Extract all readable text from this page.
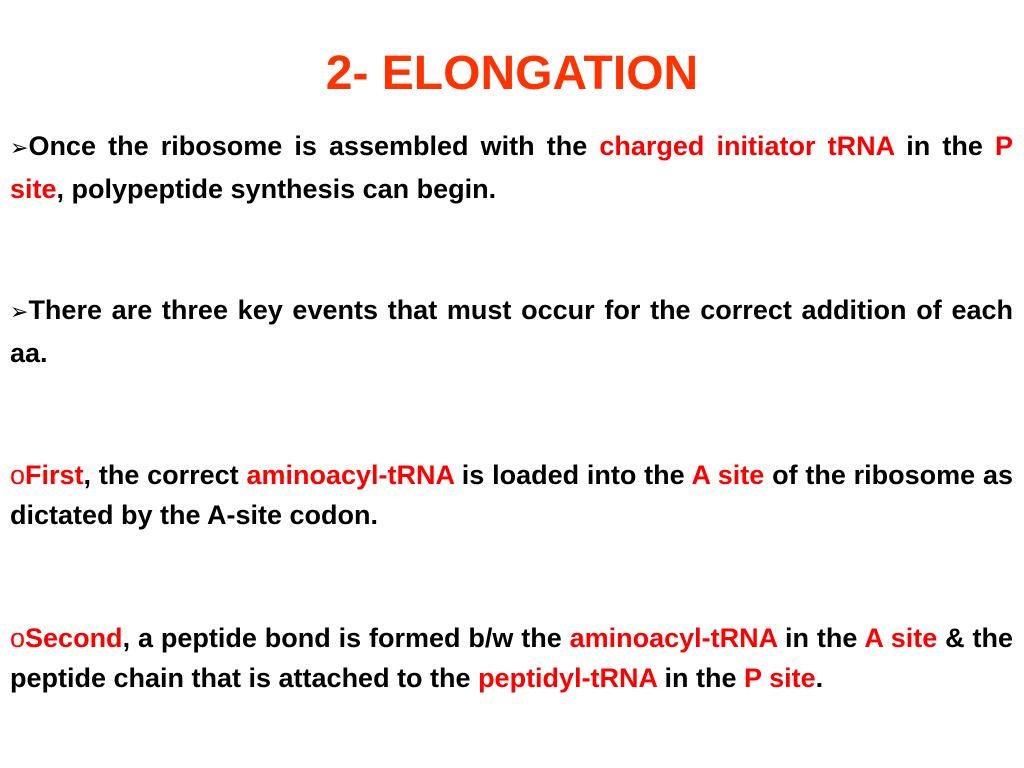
2- ELONGATION
➢Once the ribosome is assembled with the charged initiator tRNA in the P site, polypeptide synthesis can begin.
➢There are three key events that must occur for the correct addition of each aa.
oFirst, the correct aminoacyl-tRNA is loaded into the A site of the ribosome as dictated by the A-site codon.
oSecond, a peptide bond is formed b/w the aminoacyl-tRNA in the A site & the peptide chain that is attached to the peptidyl-tRNA in the P site.
